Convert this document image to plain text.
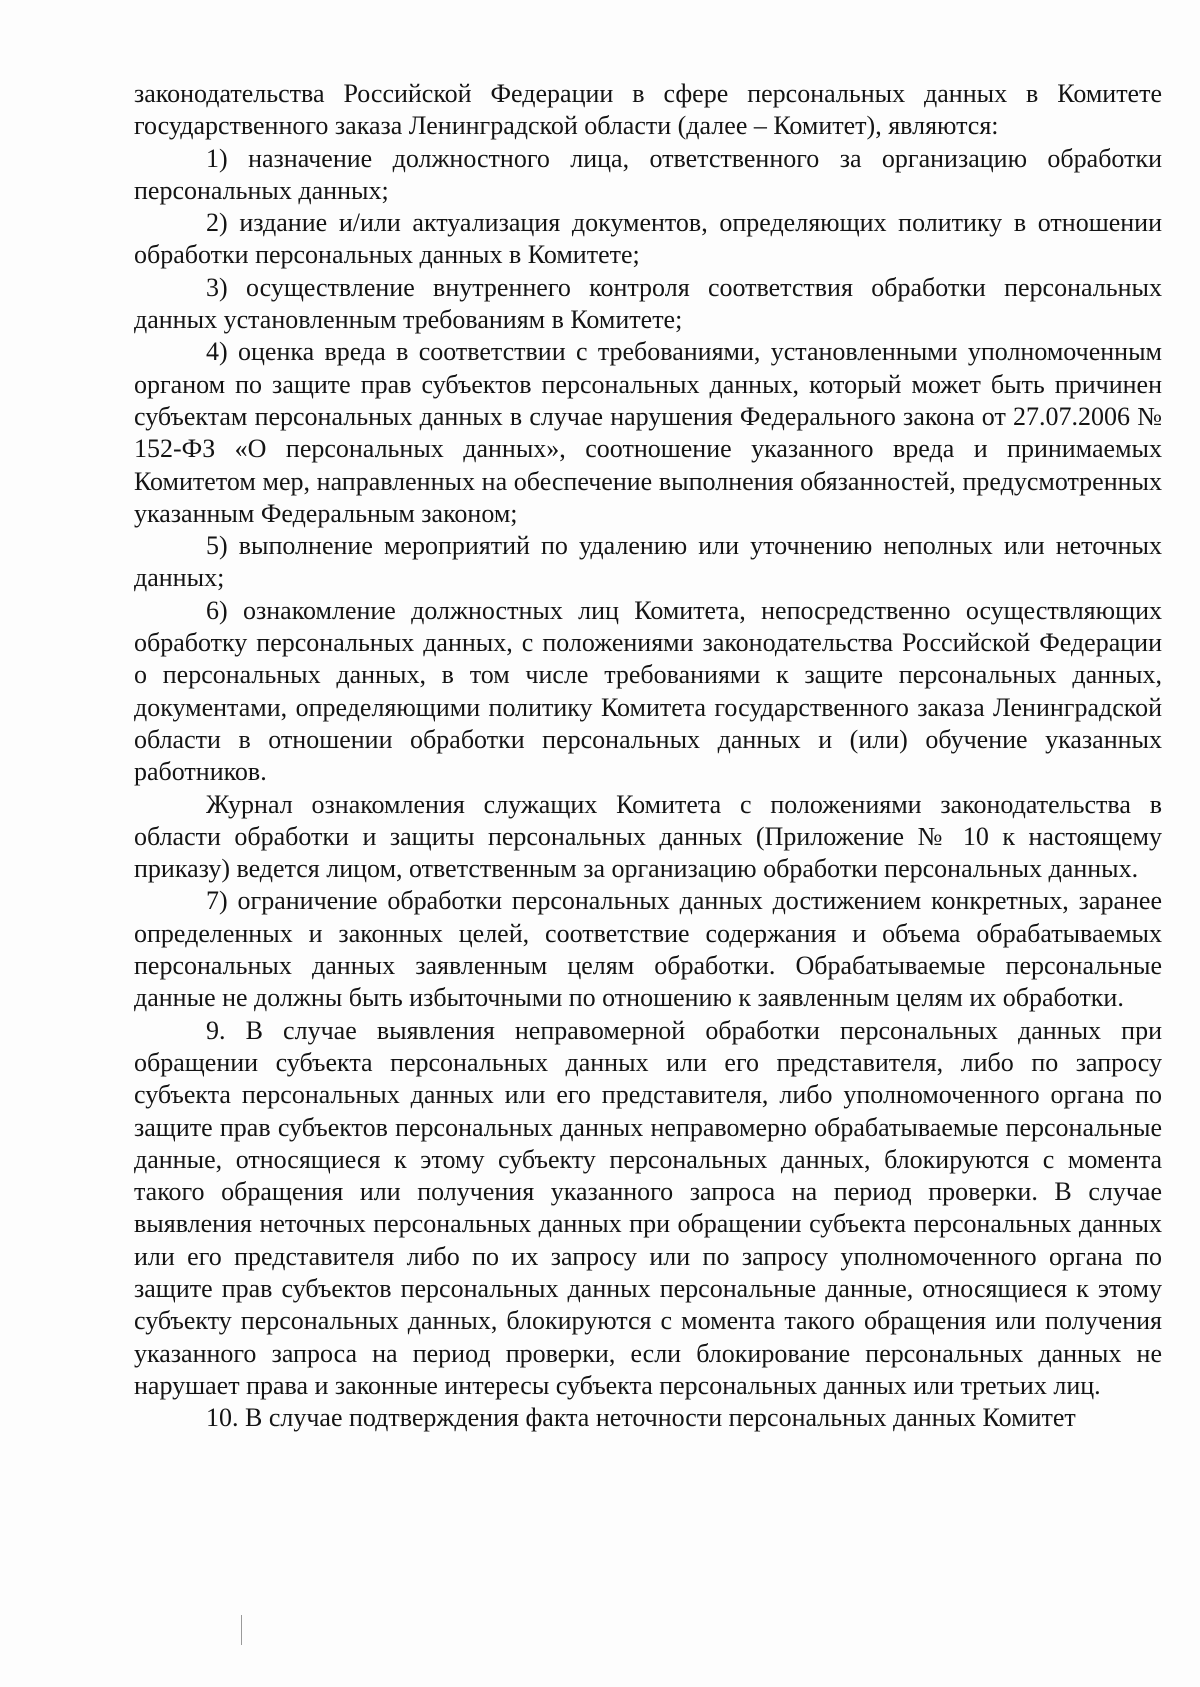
законодательства Российской Федерации в сфере персональных данных в Комитете государственного заказа Ленинградской области (далее – Комитет), являются:

1) назначение должностного лица, ответственного за организацию обработки персональных данных;

2) издание и/или актуализация документов, определяющих политику в отношении обработки персональных данных в Комитете;

3) осуществление внутреннего контроля соответствия обработки персональных данных установленным требованиям в Комитете;

4) оценка вреда в соответствии с требованиями, установленными уполномоченным органом по защите прав субъектов персональных данных, который может быть причинен субъектам персональных данных в случае нарушения Федерального закона от 27.07.2006 № 152-ФЗ «О персональных данных», соотношение указанного вреда и принимаемых Комитетом мер, направленных на обеспечение выполнения обязанностей, предусмотренных указанным Федеральным законом;

5) выполнение мероприятий по удалению или уточнению неполных или неточных данных;

6) ознакомление должностных лиц Комитета, непосредственно осуществляющих обработку персональных данных, с положениями законодательства Российской Федерации о персональных данных, в том числе требованиями к защите персональных данных, документами, определяющими политику Комитета государственного заказа Ленинградской области в отношении обработки персональных данных и (или) обучение указанных работников.

Журнал ознакомления служащих Комитета с положениями законодательства в области обработки и защиты персональных данных (Приложение № 10 к настоящему приказу) ведется лицом, ответственным за организацию обработки персональных данных.

7) ограничение обработки персональных данных достижением конкретных, заранее определенных и законных целей, соответствие содержания и объема обрабатываемых персональных данных заявленным целям обработки. Обрабатываемые персональные данные не должны быть избыточными по отношению к заявленным целям их обработки.

9. В случае выявления неправомерной обработки персональных данных при обращении субъекта персональных данных или его представителя, либо по запросу субъекта персональных данных или его представителя, либо уполномоченного органа по защите прав субъектов персональных данных неправомерно обрабатываемые персональные данные, относящиеся к этому субъекту персональных данных, блокируются с момента такого обращения или получения указанного запроса на период проверки. В случае выявления неточных персональных данных при обращении субъекта персональных данных или его представителя либо по их запросу или по запросу уполномоченного органа по защите прав субъектов персональных данных персональные данные, относящиеся к этому субъекту персональных данных, блокируются с момента такого обращения или получения указанного запроса на период проверки, если блокирование персональных данных не нарушает права и законные интересы субъекта персональных данных или третьих лиц.

10. В случае подтверждения факта неточности персональных данных Комитет
